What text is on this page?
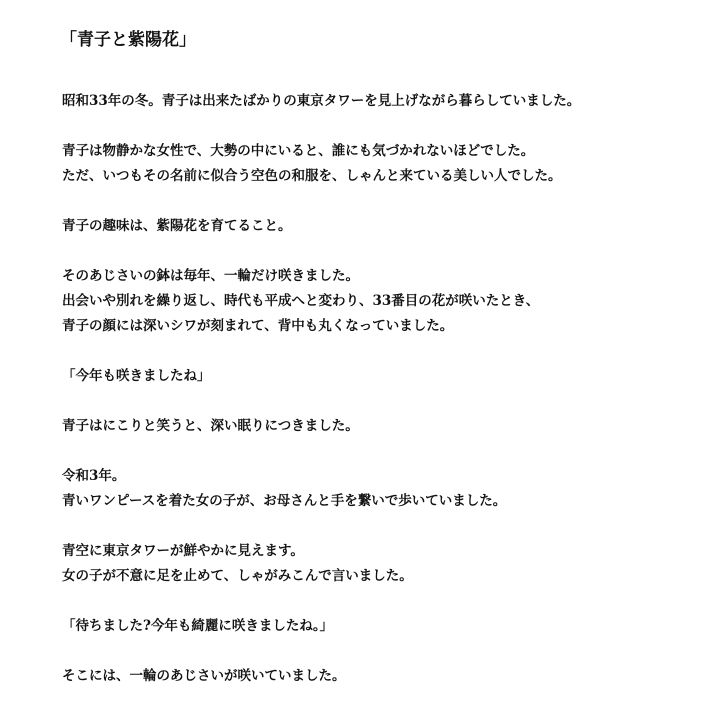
「青子と紫陽花」

昭和33年の冬。青子は出来たばかりの東京タワーを見上げながら暮らしていました。

青子は物静かな女性で、大勢の中にいると、誰にも気づかれないほどでした。
ただ、いつもその名前に似合う空色の和服を、しゃんと来ている美しい人でした。

青子の趣味は、紫陽花を育てること。

そのあじさいの鉢は毎年、一輪だけ咲きました。
出会いや別れを繰り返し、時代も平成へと変わり、33番目の花が咲いたとき、
青子の顔には深いシワが刻まれて、背中も丸くなっていました。

「今年も咲きましたね」

青子はにこりと笑うと、深い眠りにつきました。

令和3年。
青いワンピースを着た女の子が、お母さんと手を繋いで歩いていました。

青空に東京タワーが鮮やかに見えます。
女の子が不意に足を止めて、しゃがみこんで言いました。

「待ちました?今年も綺麗に咲きましたね。」

そこには、一輪のあじさいが咲いていました。
